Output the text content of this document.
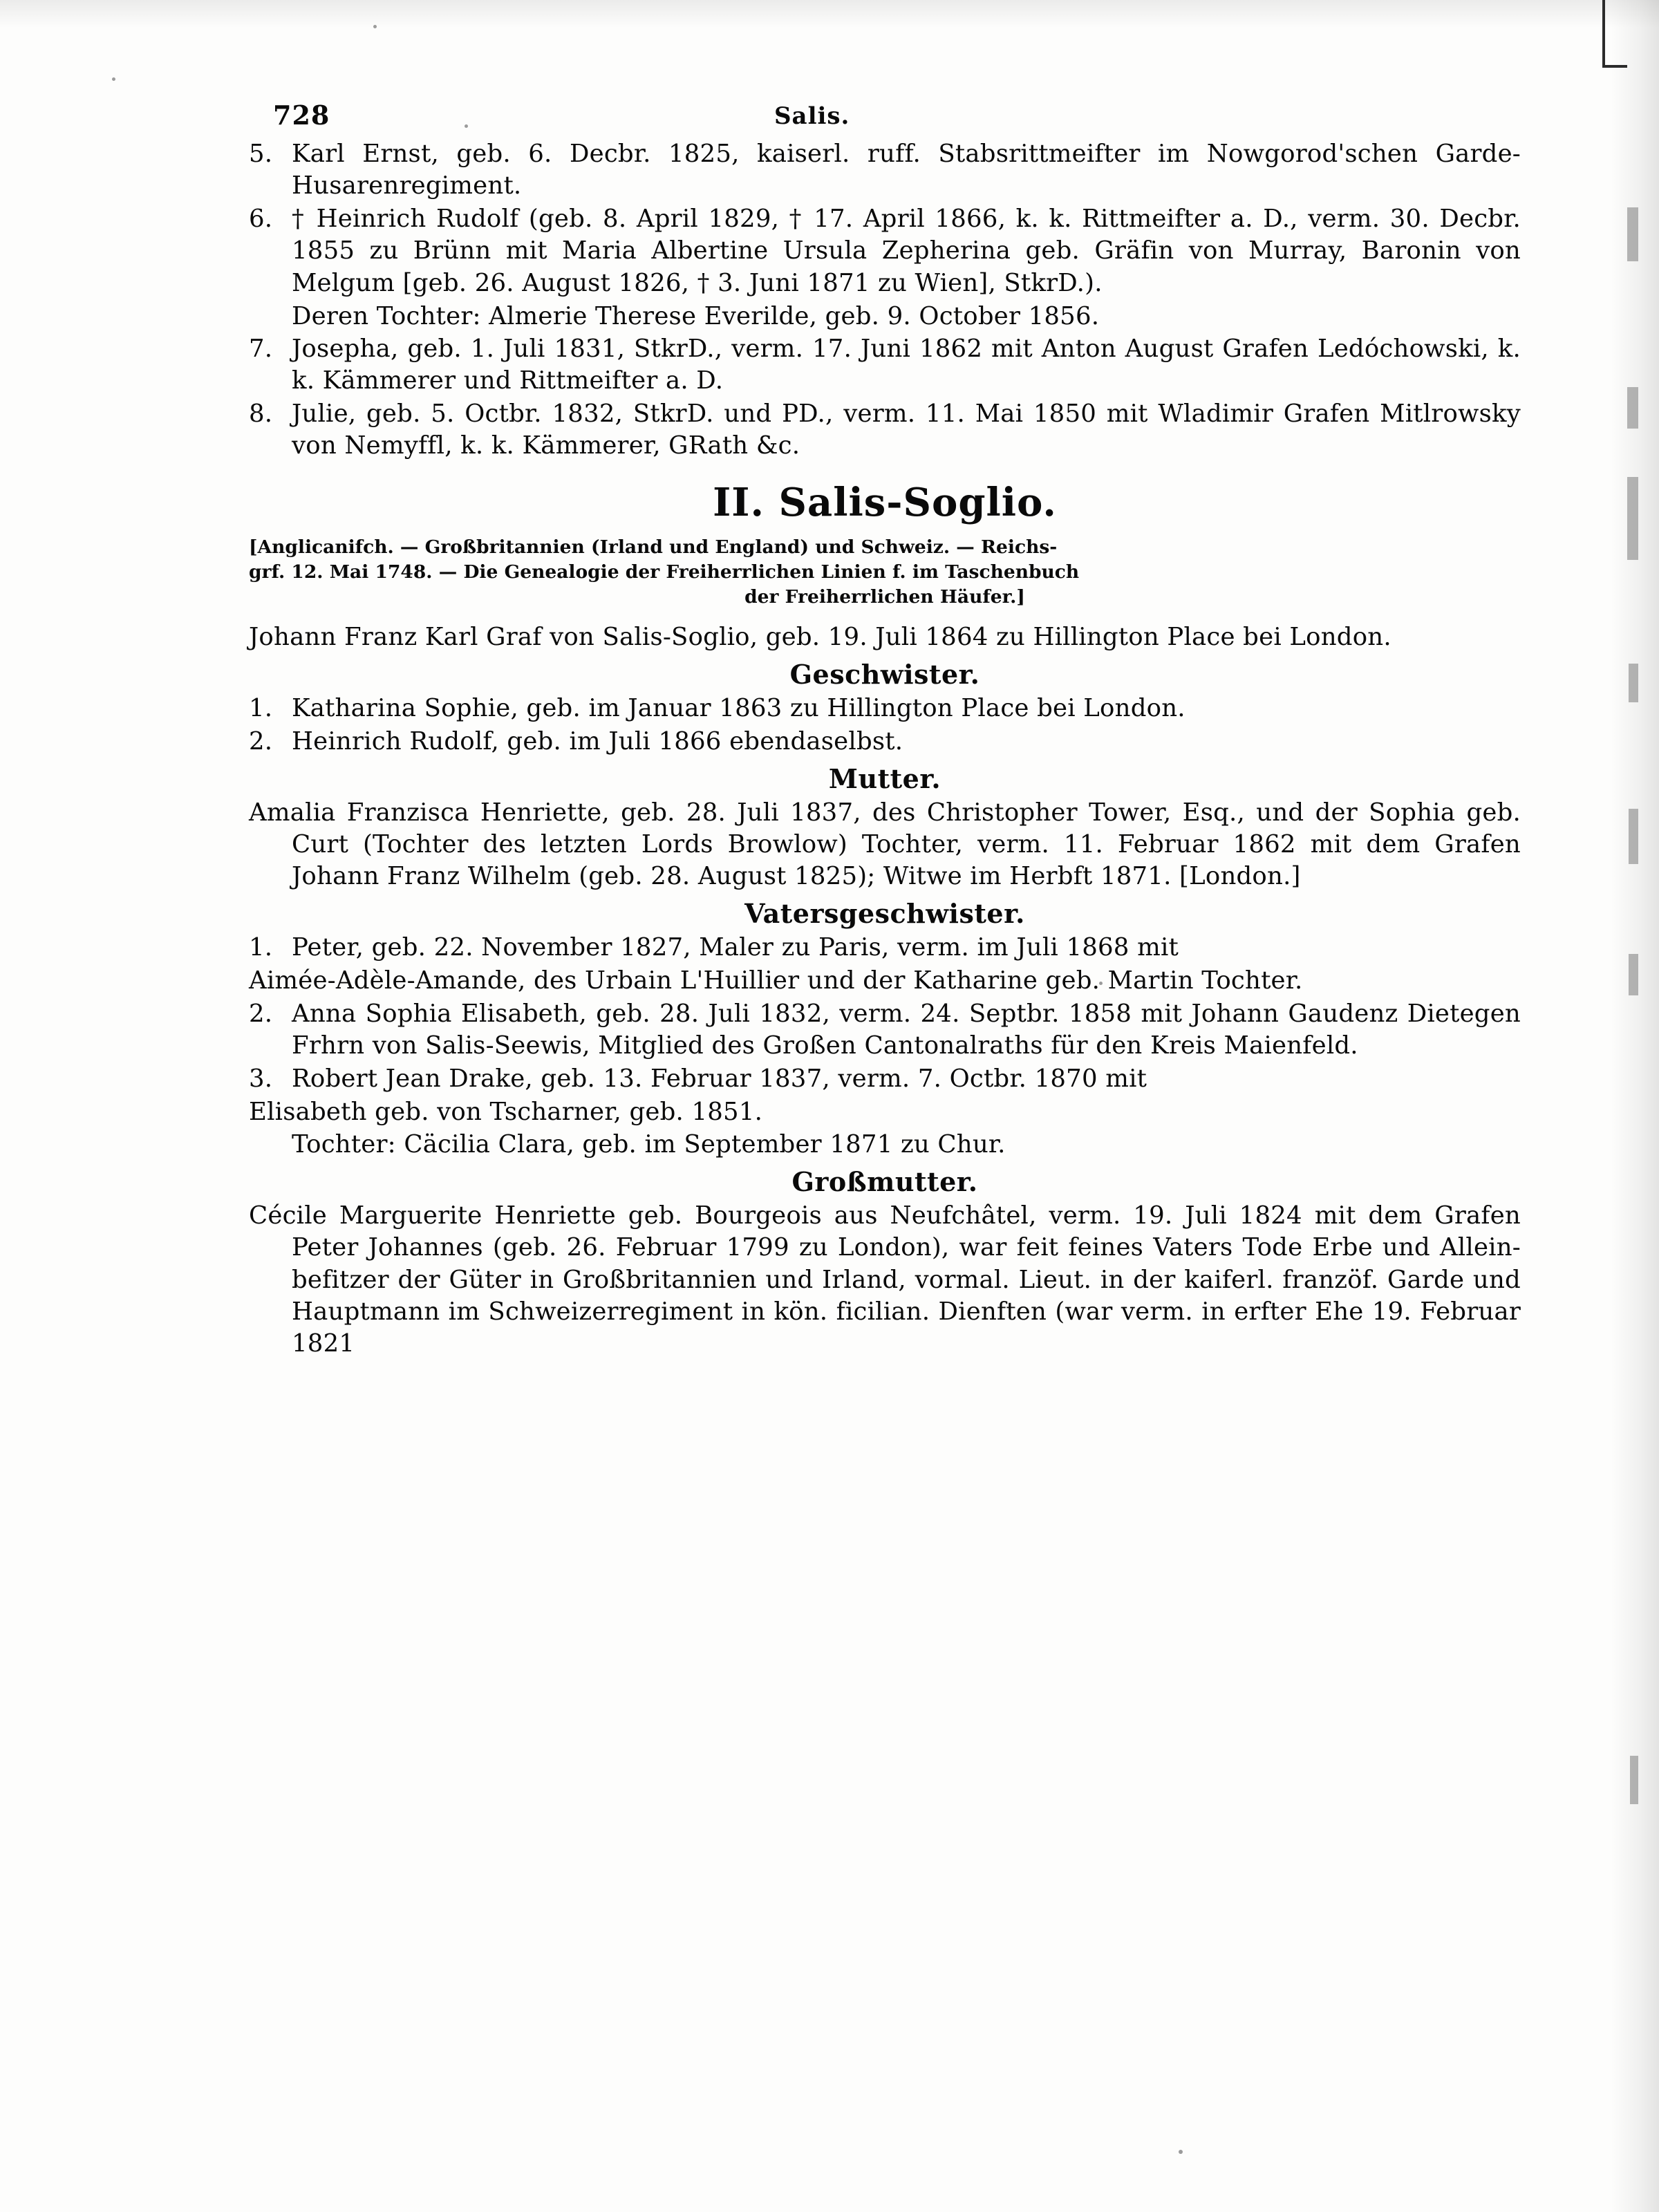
728	Salis.
5. Karl Ernst, geb. 6. Decbr. 1825, kaiserl. ruff. Stabsrittmeifter im Nowgorod'schen Garde-Husarenregiment.
6. † Heinrich Rudolf (geb. 8. April 1829, † 17. April 1866, k. k. Rittmeifter a. D., verm. 30. Decbr. 1855 zu Brünn mit Maria Albertine Ursula Zepherina geb. Gräfin von Murray, Baronin von Melgum [geb. 26. August 1826, † 3. Juni 1871 zu Wien], StkrD.).
Deren Tochter: Almerie Therese Everilde, geb. 9. October 1856.
7. Josepha, geb. 1. Juli 1831, StkrD., verm. 17. Juni 1862 mit Anton August Grafen Ledóchowski, k. k. Kämmerer und Rittmeifter a. D.
8. Julie, geb. 5. Octbr. 1832, StkrD. und PD., verm. 11. Mai 1850 mit Wladimir Grafen Mitlrowsky von Nemyffl, k. k. Kämmerer, GRath &c.
II. Salis-Soglio.
[Anglicanifch. — Großbritannien (Irland und England) und Schweiz. — Reichs-
grf. 12. Mai 1748. — Die Genealogie der Freiherrlichen Linien f. im Taschenbuch
der Freiherrlichen Häufer.]
Johann Franz Karl Graf von Salis-Soglio, geb. 19. Juli 1864 zu Hillington Place bei London.
Geschwister.
1. Katharina Sophie, geb. im Januar 1863 zu Hillington Place bei London.
2. Heinrich Rudolf, geb. im Juli 1866 ebendaselbst.
Mutter.
Amalia Franzisca Henriette, geb. 28. Juli 1837, des Christopher Tower, Esq., und der Sophia geb. Curt (Tochter des letzten Lords Browlow) Tochter, verm. 11. Februar 1862 mit dem Grafen Johann Franz Wilhelm (geb. 28. August 1825); Witwe im Herbft 1871. [London.]
Vatersgeschwister.
1. Peter, geb. 22. November 1827, Maler zu Paris, verm. im Juli 1868 mit
Aimée-Adèle-Amande, des Urbain L'Huillier und der Katharine geb. Martin Tochter.
2. Anna Sophia Elisabeth, geb. 28. Juli 1832, verm. 24. Septbr. 1858 mit Johann Gaudenz Dietegen Frhrn von Salis-Seewis, Mitglied des Großen Cantonalraths für den Kreis Maienfeld.
3. Robert Jean Drake, geb. 13. Februar 1837, verm. 7. Octbr. 1870 mit
Elisabeth geb. von Tscharner, geb. 1851.
Tochter: Cäcilia Clara, geb. im September 1871 zu Chur.
Großmutter.
Cécile Marguerite Henriette geb. Bourgeois aus Neufchâtel, verm. 19. Juli 1824 mit dem Grafen Peter Johannes (geb. 26. Februar 1799 zu London), war feit feines Vaters Tode Erbe und Allein-befitzer der Güter in Großbritannien und Irland, vormal. Lieut. in der kaiferl. franzöf. Garde und Hauptmann im Schweizerregiment in kön. ficilian. Dienften (war verm. in erfter Ehe 19. Februar 1821
